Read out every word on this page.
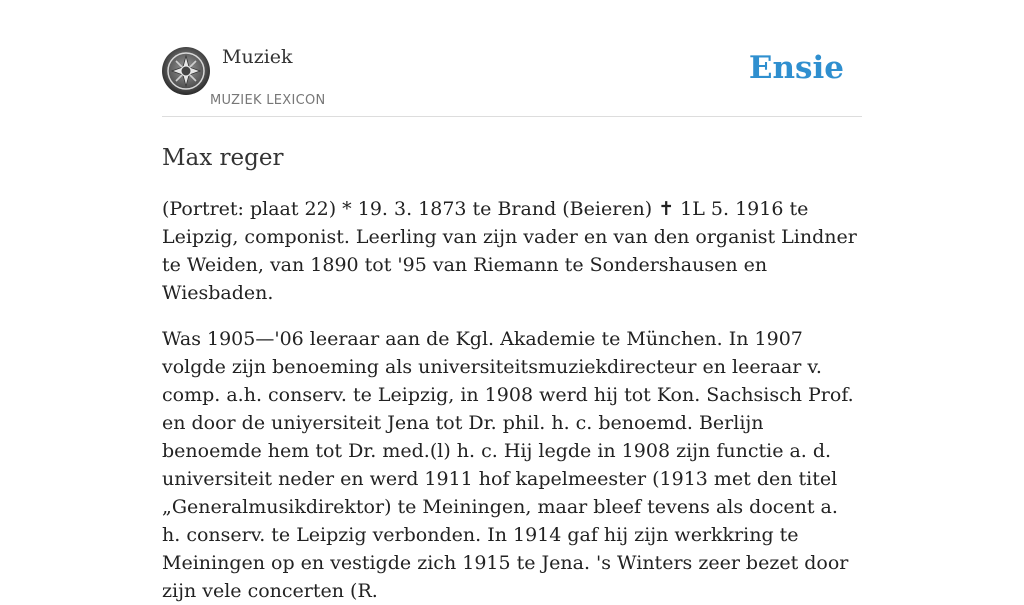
Muziek
MUZIEK LEXICON
Ensie
Max reger

(Portret: plaat 22) * 19. 3. 1873 te Brand (Beieren) ✝ 1L 5. 1916 te Leipzig, componist. Leerling van zijn vader en van den organist Lindner te Weiden, van 1890 tot '95 van Riemann te Sondershausen en Wiesbaden.

Was 1905—'06 leeraar aan de Kgl. Akademie te München. In 1907 volgde zijn benoeming als universiteitsmuziekdirecteur en leeraar v. comp. a.h. conserv. te Leipzig, in 1908 werd hij tot Kon. Sachsisch Prof. en door de uniyersiteit Jena tot Dr. phil. h. c. benoemd. Berlijn benoemde hem tot Dr. med.(l) h. c. Hij legde in 1908 zijn functie a. d. universiteit neder en werd 1911 hof kapelmeester (1913 met den titel „Generalmusikdirektor) te Meiningen, maar bleef tevens als docent a. h. conserv. te Leipzig verbonden. In 1914 gaf hij zijn werkkring te Meiningen op en vestigde zich 1915 te Jena. 's Winters zeer bezet door zijn vele concerten (R.
